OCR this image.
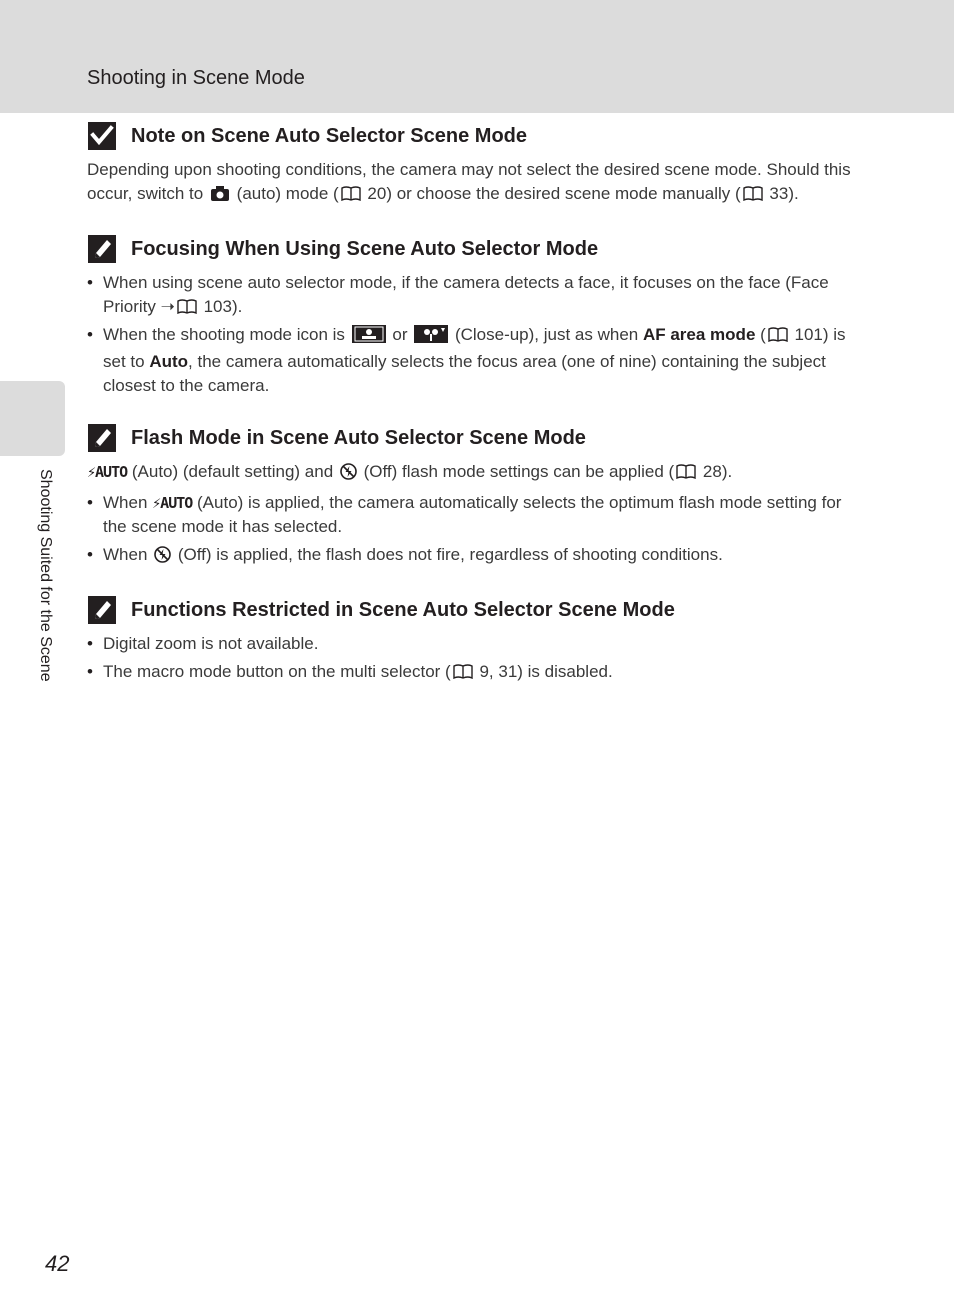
Shooting in Scene Mode
Shooting Suited for the Scene
Note on Scene Auto Selector Scene Mode

Depending upon shooting conditions, the camera may not select the desired scene mode. Should this occur, switch to  (auto) mode ( 20) or choose the desired scene mode manually ( 33).

Focusing When Using Scene Auto Selector Mode
• When using scene auto selector mode, if the camera detects a face, it focuses on the face (Face Priority ➝ 103).
• When the shooting mode icon is  or  (Close-up), just as when AF area mode ( 101) is set to Auto, the camera automatically selects the focus area (one of nine) containing the subject closest to the camera.
Flash Mode in Scene Auto Selector Scene Mode

⚡AUTO (Auto) (default setting) and  (Off) flash mode settings can be applied ( 28).

• When ⚡AUTO (Auto) is applied, the camera automatically selects the optimum flash mode setting for the scene mode it has selected.
• When  (Off) is applied, the flash does not fire, regardless of shooting conditions.
Functions Restricted in Scene Auto Selector Scene Mode
• Digital zoom is not available.
• The macro mode button on the multi selector ( 9, 31) is disabled.
42
